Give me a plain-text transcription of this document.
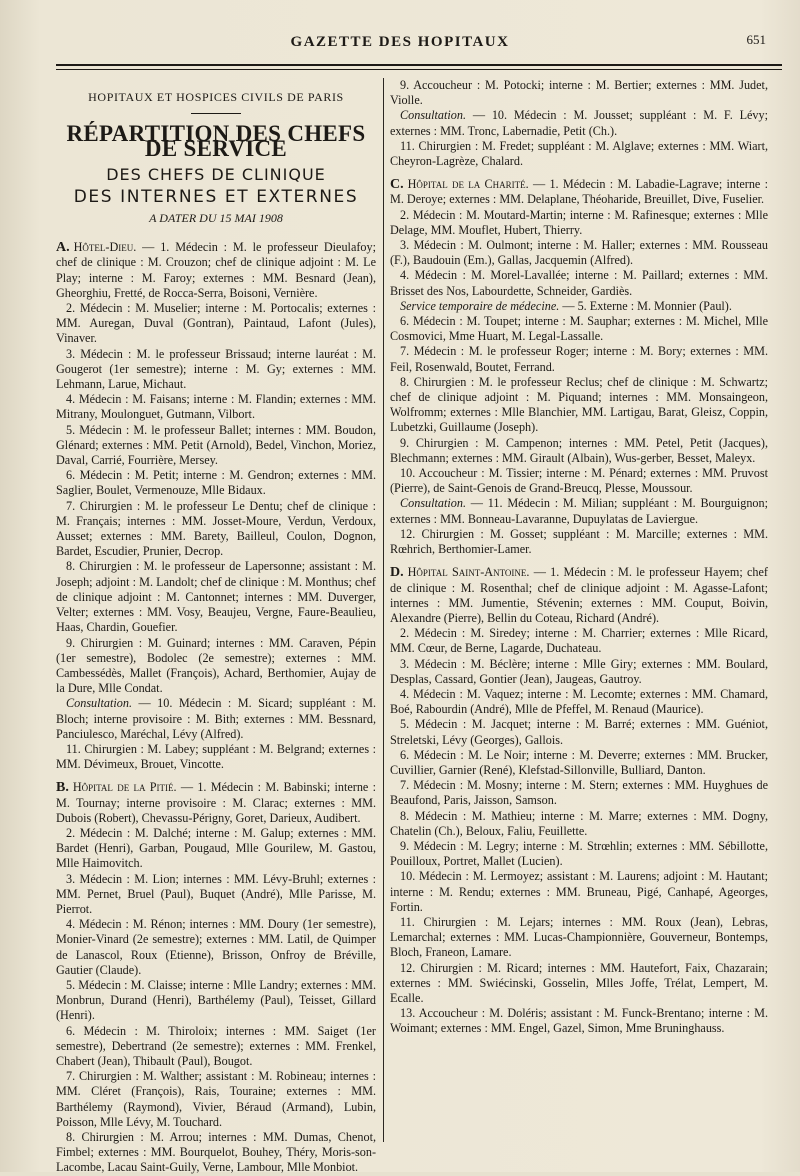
GAZETTE DES HOPITAUX	651

HOPITAUX ET HOSPICES CIVILS DE PARIS

RÉPARTITION DES CHEFS DE SERVICE

DES CHEFS DE CLINIQUE

DES INTERNES ET EXTERNES

A DATER DU 15 MAI 1908

A. Hôtel-Dieu. — 1. Médecin : M. le professeur Dieulafoy; chef de clinique : M. Crouzon; chef de clinique adjoint : M. Le Play; interne : M. Faroy; externes : MM. Besnard (Jean), Gheorghiu, Fretté, de Rocca-Serra, Boisoni, Vernière.

2. Médecin : M. Muselier; interne : M. Portocalis; externes : MM. Auregan, Duval (Gontran), Paintaud, Lafont (Jules), Vinaver.

3. Médecin : M. le professeur Brissaud; interne lauréat : M. Gougerot (1er semestre); interne : M. Gy; externes : MM. Lehmann, Larue, Michaut.

4. Médecin : M. Faisans; interne : M. Flandin; externes : MM. Mitrany, Moulonguet, Gutmann, Vilbort.

5. Médecin : M. le professeur Ballet; internes : MM. Boudon, Glénard; externes : MM. Petit (Arnold), Bedel, Vinchon, Moriez, Daval, Carrié, Fourrière, Mersey.

6. Médecin : M. Petit; interne : M. Gendron; externes : MM. Saglier, Boulet, Vermenouze, Mlle Bidaux.

7. Chirurgien : M. le professeur Le Dentu; chef de clinique : M. Français; internes : MM. Josset-Moure, Verdun, Verdoux, Ausset; externes : MM. Barety, Bailleul, Coulon, Dognon, Bardet, Escudier, Prunier, Decrop.

8. Chirurgien : M. le professeur de Lapersonne; assistant : M. Joseph; adjoint : M. Landolt; chef de clinique : M. Monthus; chef de clinique adjoint : M. Cantonnet; internes : MM. Duverger, Velter; externes : MM. Vosy, Beaujeu, Vergne, Faure-Beaulieu, Haas, Chardin, Gouefier.

9. Chirurgien : M. Guinard; internes : MM. Caraven, Pépin (1er semestre), Bodolec (2e semestre); externes : MM. Cambessédès, Mallet (François), Achard, Berthomier, Aujay de la Dure, Mlle Condat.

Consultation. — 10. Médecin : M. Sicard; suppléant : M. Bloch; interne provisoire : M. Bith; externes : MM. Bessnard, Panciulesco, Maréchal, Lévy (Alfred).

11. Chirurgien : M. Labey; suppléant : M. Belgrand; externes : MM. Dévimeux, Brouet, Vincotte.

B. Hôpital de la Pitié. — 1. Médecin : M. Babinski; interne : M. Tournay; interne provisoire : M. Clarac; externes : MM. Dubois (Robert), Chevassu-Périgny, Goret, Darieux, Audibert.

2. Médecin : M. Dalché; interne : M. Galup; externes : MM. Bardet (Henri), Garban, Pougaud, Mlle Gourilew, M. Gastou, Mlle Haimovitch.

3. Médecin : M. Lion; internes : MM. Lévy-Bruhl; externes : MM. Pernet, Bruel (Paul), Buquet (André), Mlle Parisse, M. Pierrot.

4. Médecin : M. Rénon; internes : MM. Doury (1er semestre), Monier-Vinard (2e semestre); externes : MM. Latil, de Quimper de Lanascol, Roux (Etienne), Brisson, Onfroy de Bréville, Gautier (Claude).

5. Médecin : M. Claisse; interne : Mlle Landry; externes : MM. Monbrun, Durand (Henri), Barthélemy (Paul), Teisset, Gillard (Henri).

6. Médecin : M. Thiroloix; internes : MM. Saiget (1er semestre), Debertrand (2e semestre); externes : MM. Frenkel, Chabert (Jean), Thibault (Paul), Bougot.

7. Chirurgien : M. Walther; assistant : M. Robineau; internes : MM. Cléret (François), Rais, Touraine; externes : MM. Barthélemy (Raymond), Vivier, Béraud (Armand), Lubin, Poisson, Mlle Lévy, M. Touchard.

8. Chirurgien : M. Arrou; internes : MM. Dumas, Chenot, Fimbel; externes : MM. Bourquelot, Bouhey, Théry, Moris-son-Lacombe, Lacau Saint-Guily, Verne, Lambour, Mlle Monbiot.

9. Accoucheur : M. Potocki; interne : M. Bertier; externes : MM. Judet, Violle.

Consultation. — 10. Médecin : M. Jousset; suppléant : M. F. Lévy; externes : MM. Tronc, Labernadie, Petit (Ch.).

11. Chirurgien : M. Fredet; suppléant : M. Alglave; externes : MM. Wiart, Cheyron-Lagrèze, Chalard.

C. Hôpital de la Charité. — 1. Médecin : M. Labadie-Lagrave; interne : M. Deroye; externes : MM. Delaplane, Théoharide, Breuillet, Dive, Fuselier.

2. Médecin : M. Moutard-Martin; interne : M. Rafinesque; externes : Mlle Delage, MM. Mouflet, Hubert, Thierry.

3. Médecin : M. Oulmont; interne : M. Haller; externes : MM. Rousseau (F.), Baudouin (Em.), Gallas, Jacquemin (Alfred).

4. Médecin : M. Morel-Lavallée; interne : M. Paillard; externes : MM. Brisset des Nos, Labourdette, Schneider, Gardiès.

Service temporaire de médecine. — 5. Externe : M. Monnier (Paul).

6. Médecin : M. Toupet; interne : M. Sauphar; externes : M. Michel, Mlle Cosmovici, Mme Huart, M. Legal-Lassalle.

7. Médecin : M. le professeur Roger; interne : M. Bory; externes : MM. Feil, Rosenwald, Boutet, Ferrand.

8. Chirurgien : M. le professeur Reclus; chef de clinique : M. Schwartz; chef de clinique adjoint : M. Piquand; internes : MM. Monsaingeon, Wolfromm; externes : Mlle Blanchier, MM. Lartigau, Barat, Gleisz, Coppin, Lubetzki, Guillaume (Joseph).

9. Chirurgien : M. Campenon; internes : MM. Petel, Petit (Jacques), Blechmann; externes : MM. Girault (Albain), Wus-gerber, Besset, Maleyx.

10. Accoucheur : M. Tissier; interne : M. Pénard; externes : MM. Pruvost (Pierre), de Saint-Genois de Grand-Breucq, Plesse, Moussour.

Consultation. — 11. Médecin : M. Milian; suppléant : M. Bourguignon; externes : MM. Bonneau-Lavaranne, Dupuylatas de Laviergue.

12. Chirurgien : M. Gosset; suppléant : M. Marcille; externes : MM. Rœhrich, Berthomier-Lamer.

D. Hôpital Saint-Antoine. — 1. Médecin : M. le professeur Hayem; chef de clinique : M. Rosenthal; chef de clinique adjoint : M. Agasse-Lafont; internes : MM. Jumentie, Stévenin; externes : MM. Couput, Boivin, Alexandre (Pierre), Bellin du Coteau, Richard (André).

2. Médecin : M. Siredey; interne : M. Charrier; externes : Mlle Ricard, MM. Cœur, de Berne, Lagarde, Duchateau.

3. Médecin : M. Béclère; interne : Mlle Giry; externes : MM. Boulard, Desplas, Cassard, Gontier (Jean), Jaugeas, Gautroy.

4. Médecin : M. Vaquez; interne : M. Lecomte; externes : MM. Chamard, Boé, Rabourdin (André), Mlle de Pfeffel, M. Renaud (Maurice).

5. Médecin : M. Jacquet; interne : M. Barré; externes : MM. Guéniot, Streletski, Lévy (Georges), Gallois.

6. Médecin : M. Le Noir; interne : M. Deverre; externes : MM. Brucker, Cuvillier, Garnier (René), Klefstad-Sillonville, Bulliard, Danton.

7. Médecin : M. Mosny; interne : M. Stern; externes : MM. Huyghues de Beaufond, Paris, Jaisson, Samson.

8. Médecin : M. Mathieu; interne : M. Marre; externes : MM. Dogny, Chatelin (Ch.), Beloux, Faliu, Feuillette.

9. Médecin : M. Legry; interne : M. Strœhlin; externes : MM. Sébillotte, Pouilloux, Portret, Mallet (Lucien).

10. Médecin : M. Lermoyez; assistant : M. Laurens; adjoint : M. Hautant; interne : M. Rendu; externes : MM. Bruneau, Pigé, Canhapé, Ageorges, Fortin.

11. Chirurgien : M. Lejars; internes : MM. Roux (Jean), Lebras, Lemarchal; externes : MM. Lucas-Championnière, Gouverneur, Bontemps, Bloch, Franeon, Lamare.

12. Chirurgien : M. Ricard; internes : MM. Hautefort, Faix, Chazarain; externes : MM. Swiécinski, Gosselin, Mlles Joffe, Trélat, Lempert, M. Ecalle.

13. Accoucheur : M. Doléris; assistant : M. Funck-Brentano; interne : M. Woimant; externes : MM. Engel, Gazel, Simon, Mme Bruninghauss.
